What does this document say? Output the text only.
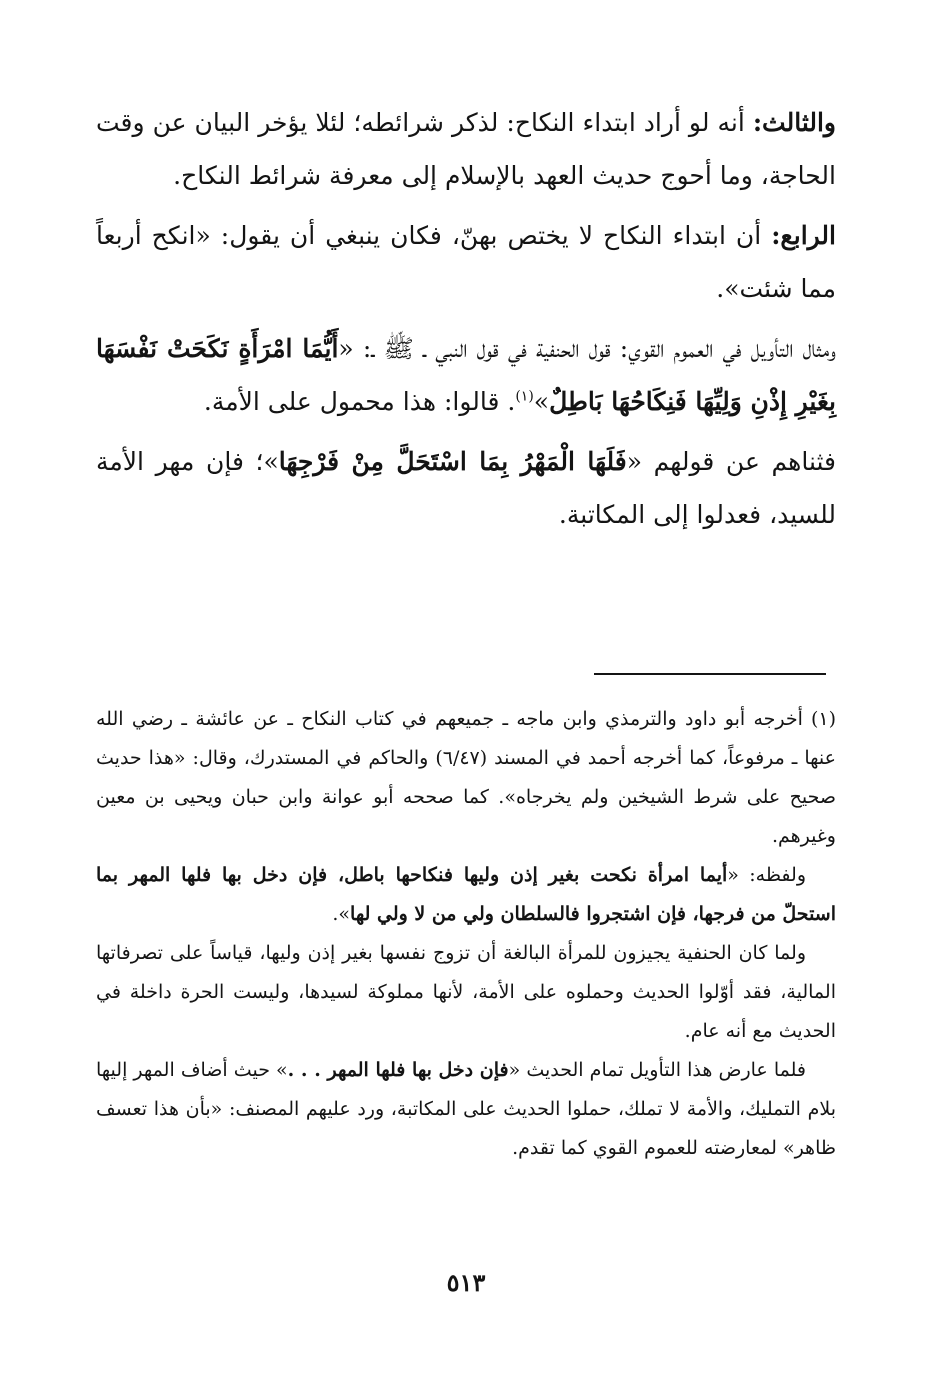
والثالث: أنه لو أراد ابتداء النكاح: لذكر شرائطه؛ لئلا يؤخر البيان عن وقت الحاجة، وما أحوج حديث العهد بالإسلام إلى معرفة شرائط النكاح.

الرابع: أن ابتداء النكاح لا يختص بهنّ، فكان ينبغي أن يقول: «انكح أربعاً مما شئت».

ومثال التأويل في العموم القوي: قول الحنفية في قول النبي ـ ﷺ ـ: «أَيُّمَا امْرَأَةٍ نَكَحَتْ نَفْسَهَا بِغَيْرِ إِذْنِ وَلِيِّهَا فَنِكَاحُهَا بَاطِلٌ»$^{(١)}$. قالوا: هذا محمول على الأمة.

فثناهم عن قولهم «فَلَهَا الْمَهْرُ بِمَا اسْتَحَلَّ مِنْ فَرْجِهَا»؛ فإن مهر الأمة للسيد، فعدلوا إلى المكاتبة.

(١)أخرجه أبو داود والترمذي وابن ماجه ـ جميعهم في كتاب النكاح ـ عن عائشة ـ رضي الله عنها ـ مرفوعاً، كما أخرجه أحمد في المسند (٦/٤٧) والحاكم في المستدرك، وقال: «هذا حديث صحيح على شرط الشيخين ولم يخرجاه». كما صححه أبو عوانة وابن حبان ويحيى بن معين وغيرهم.

ولفظه: «أيما امرأة نكحت بغير إذن وليها فنكاحها باطل، فإن دخل بها فلها المهر بما استحلّ من فرجها، فإن اشتجروا فالسلطان ولي من لا ولي لها».

ولما كان الحنفية يجيزون للمرأة البالغة أن تزوج نفسها بغير إذن وليها، قياساً على تصرفاتها المالية، فقد أوّلوا الحديث وحملوه على الأمة، لأنها مملوكة لسيدها، وليست الحرة داخلة في الحديث مع أنه عام.

فلما عارض هذا التأويل تمام الحديث «فإن دخل بها فلها المهر . . .» حيث أضاف المهر إليها بلام التمليك، والأمة لا تملك، حملوا الحديث على المكاتبة، ورد عليهم المصنف: «بأن هذا تعسف ظاهر» لمعارضته للعموم القوي كما تقدم.

٥١٣
